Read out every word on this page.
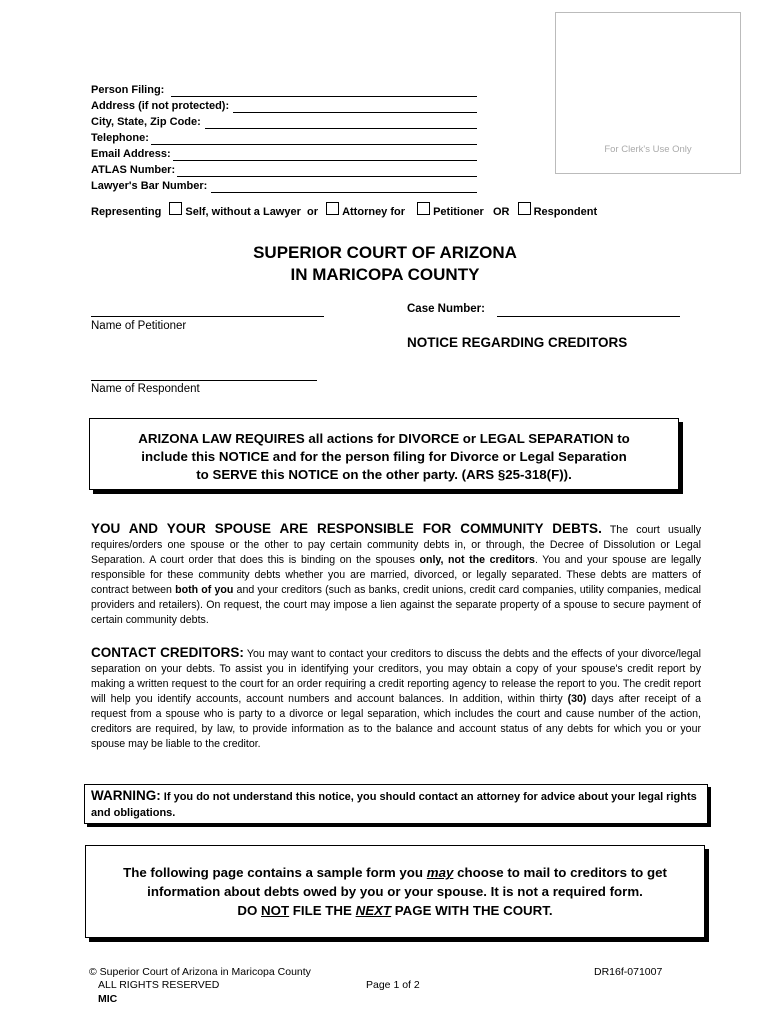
For Clerk's Use Only
Person Filing:
Address (if not protected):
City, State, Zip Code:
Telephone:
Email Address:
ATLAS Number:
Lawyer's Bar Number:
Representing Self, without a Lawyer or Attorney for	Petitioner OR Respondent
SUPERIOR COURT OF ARIZONA
IN MARICOPA COUNTY
Name of Petitioner
Name of Respondent
Case Number:
NOTICE REGARDING CREDITORS
ARIZONA LAW REQUIRES all actions for DIVORCE or LEGAL SEPARATION to
include this NOTICE and for the person filing for Divorce or Legal Separation
to SERVE this NOTICE on the other party. (ARS §25-318(F)).
YOU AND YOUR SPOUSE ARE RESPONSIBLE FOR COMMUNITY DEBTS. The court usually requires/orders one spouse or the other to pay certain community debts in, or through, the Decree of Dissolution or Legal Separation. A court order that does this is binding on the spouses only, not the creditors. You and your spouse are legally responsible for these community debts whether you are married, divorced, or legally separated. These debts are matters of contract between both of you and your creditors (such as banks, credit unions, credit card companies, utility companies, medical providers and retailers). On request, the court may impose a lien against the separate property of a spouse to secure payment of certain community debts.
CONTACT CREDITORS: You may want to contact your creditors to discuss the debts and the effects of your divorce/legal separation on your debts. To assist you in identifying your creditors, you may obtain a copy of your spouse's credit report by making a written request to the court for an order requiring a credit reporting agency to release the report to you. The credit report will help you identify accounts, account numbers and account balances. In addition, within thirty (30) days after receipt of a request from a spouse who is party to a divorce or legal separation, which includes the court and cause number of the action, creditors are required, by law, to provide information as to the balance and account status of any debts for which you or your spouse may be liable to the creditor.
WARNING: If you do not understand this notice, you should contact an attorney for advice about your legal rights and obligations.
The following page contains a sample form you may choose to mail to creditors to get information about debts owed by you or your spouse. It is not a required form.
DO NOT FILE THE NEXT PAGE WITH THE COURT.
© Superior Court of Arizona in Maricopa County
ALL RIGHTS RESERVED
MIC
Page 1 of 2
DR16f-071007
